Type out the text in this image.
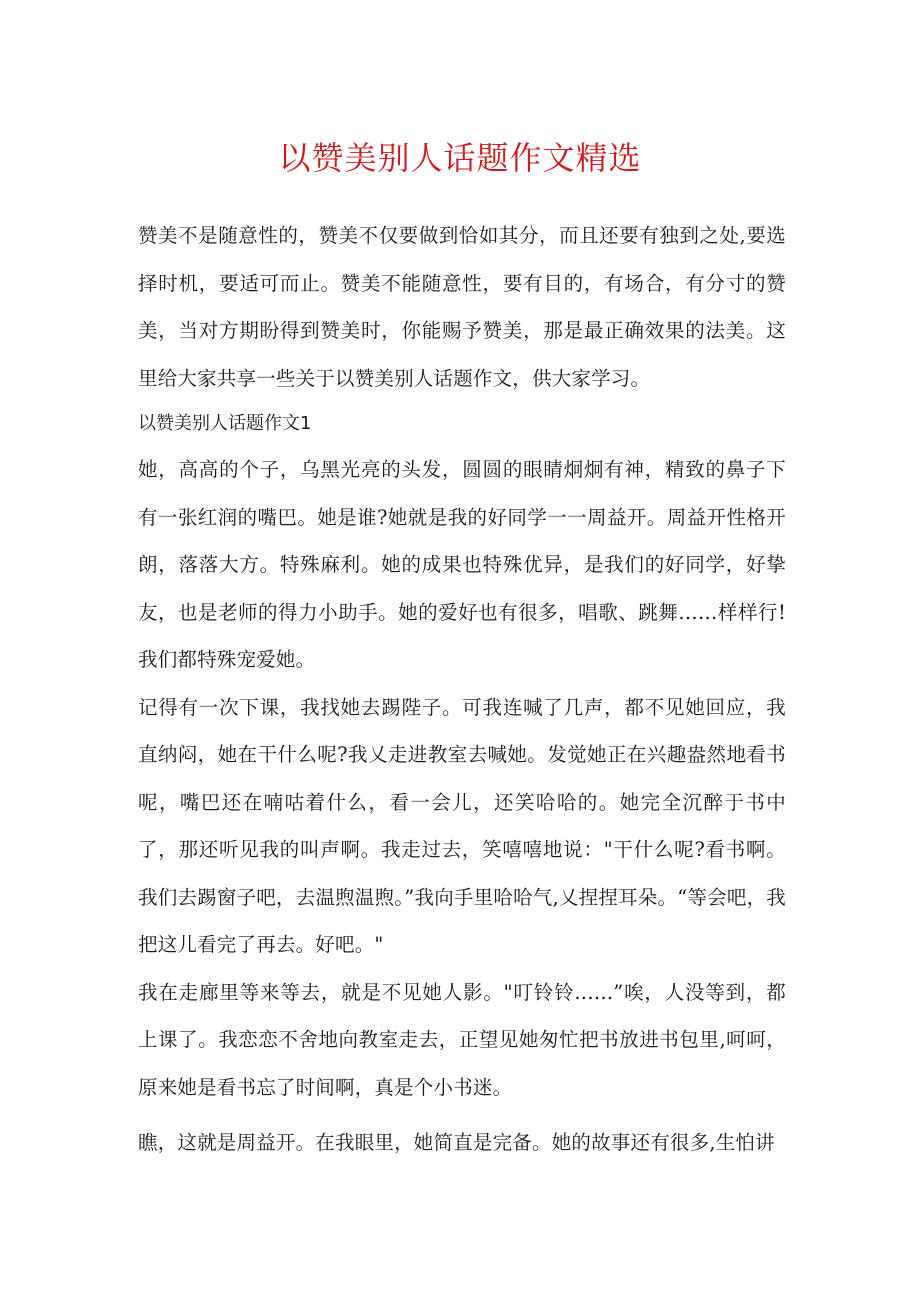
以赞美别人话题作文精选

赞美不是随意性的，赞美不仅要做到恰如其分，而且还要有独到之处,要选择时机，要适可而止。赞美不能随意性，要有目的，有场合，有分寸的赞美，当对方期盼得到赞美时，你能赐予赞美，那是最正确效果的法美。这里给大家共享一些关于以赞美别人话题作文，供大家学习。

以赞美别人话题作文1

她，高高的个子，乌黑光亮的头发，圆圆的眼睛炯炯有神，精致的鼻子下有一张红润的嘴巴。她是谁?她就是我的好同学一一周益开。周益开性格开朗，落落大方。特殊麻利。她的成果也特殊优异，是我们的好同学，好挚友，也是老师的得力小助手。她的爱好也有很多，唱歌、跳舞……样样行!我们都特殊宠爱她。

记得有一次下课，我找她去踢陛子。可我连喊了几声，都不见她回应，我直纳闷，她在干什么呢?我乂走进教室去喊她。发觉她正在兴趣盎然地看书呢，嘴巴还在喃咕着什么，看一会儿，还笑哈哈的。她完全沉醉于书中了，那还听见我的叫声啊。我走过去，笑嘻嘻地说："干什么呢?看书啊。我们去踢窗子吧，去温煦温煦。”我向手里哈哈气,乂捏捏耳朵。“等会吧，我把这儿看完了再去。好吧。"

我在走廊里等来等去，就是不见她人影。"叮铃铃..….”唉，人没等到，都上课了。我恋恋不舍地向教室走去，正望见她匆忙把书放进书包里,呵呵，原来她是看书忘了时间啊，真是个小书迷。

瞧，这就是周益开。在我眼里，她简直是完备。她的故事还有很多,生怕讲
